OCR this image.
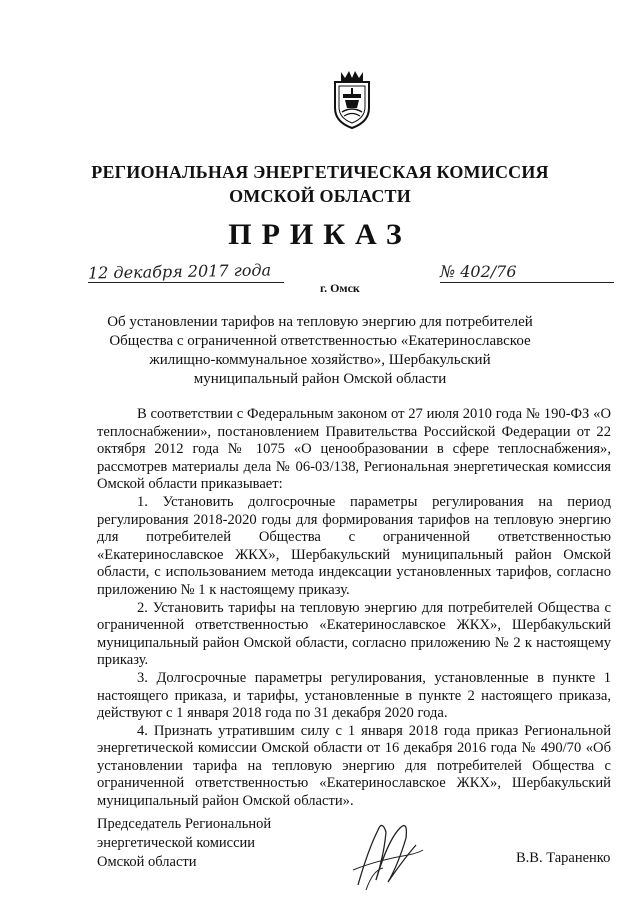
РЕГИОНАЛЬНАЯ ЭНЕРГЕТИЧЕСКАЯ КОМИССИЯ
ОМСКОЙ ОБЛАСТИ
ПРИКАЗ
12 декабря 2017 года	№ 402/76
г. Омск
Об установлении тарифов на тепловую энергию для потребителей
Общества с ограниченной ответственностью «Екатеринославское
жилищно-коммунальное хозяйство», Шербакульский
муниципальный район Омской области

В соответствии с Федеральным законом от 27 июля 2010 года № 190-ФЗ «О теплоснабжении», постановлением Правительства Российской Федерации от 22 октября 2012 года № 1075 «О ценообразовании в сфере теплоснабжения», рассмотрев материалы дела № 06-03/138, Региональная энергетическая комиссия Омской области приказывает:

1. Установить долгосрочные параметры регулирования на период регулирования 2018-2020 годы для формирования тарифов на тепловую энергию для потребителей Общества с ограниченной ответственностью «Екатеринославское ЖКХ», Шербакульский муниципальный район Омской области, с использованием метода индексации установленных тарифов, согласно приложению № 1 к настоящему приказу.

2. Установить тарифы на тепловую энергию для потребителей Общества с ограниченной ответственностью «Екатеринославское ЖКХ», Шербакульский муниципальный район Омской области, согласно приложению № 2 к настоящему приказу.

3. Долгосрочные параметры регулирования, установленные в пункте 1 настоящего приказа, и тарифы, установленные в пункте 2 настоящего приказа, действуют с 1 января 2018 года по 31 декабря 2020 года.

4. Признать утратившим силу с 1 января 2018 года приказ Региональной энергетической комиссии Омской области от 16 декабря 2016 года № 490/70 «Об установлении тарифа на тепловую энергию для потребителей Общества с ограниченной ответственностью «Екатеринославское ЖКХ», Шербакульский муниципальный район Омской области».

Председатель Региональной
энергетической комиссии
Омской области	В.В. Тараненко
